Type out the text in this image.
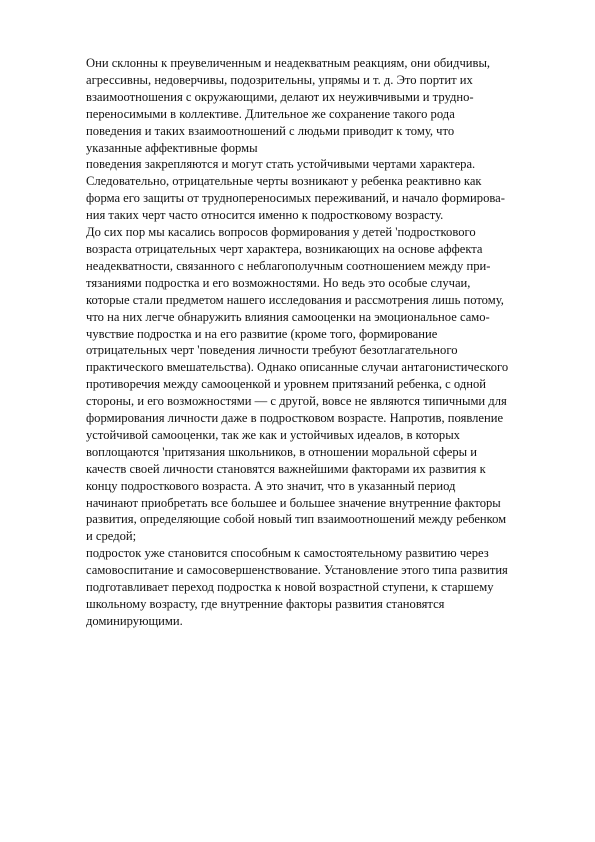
Они склонны к преувеличенным и неадекватным реакциям, они обидчивы,
агрессивны, недоверчивы, подозрительны, упрямы и т. д. Это портит их
взаимоотношения с окружающими, делают их неуживчивыми и трудно-
переносимыми в коллективе. Длительное же сохранение такого рода
поведения и таких взаимоотношений с людьми приводит к тому, что
указанные аффективные формы
поведения закрепляются и могут стать устойчивыми чертами характера.
Следовательно, отрицательные черты возникают у ребенка реактивно как
форма его защиты от трудноперeносимых переживаний, и начало формирова-
ния таких черт часто относится именно к подростковому возрасту.
До сих пор мы касались вопросов формирования у детей 'подросткового
возраста отрицательных черт характера, возникающих на основе аффекта
неадекватности, связанного с неблагополучным соотношением между при-
тязаниями подростка и его возможностями. Но ведь это особые случаи,
которые стали предметом нашего исследования и рассмотрения лишь потому,
что на них легче обнаружить влияния самооценки на эмоциональное само-
чувствие подростка и на его развитие (кроме того, формирование
отрицательных черт 'поведения личности требуют безотлагательного
практического вмешательства). Однако описанные случаи антагонистического
противоречия между самооценкой и уровнем притязаний ребенка, с одной
стороны, и его возможностями — с другой, вовсе не являются типичными для
формирования личности даже в подростковом возрасте. Напротив, появление
устойчивой самооценки, так же как и устойчивых идеалов, в которых
воплощаются 'притязания школьников, в отношении моральной сферы и
качеств своей личности становятся важнейшими факторами их развития к
концу подросткового возраста. А это значит, что в указанный период
начинают приобретать все большее и большее значение внутренние факторы
развития, определяющие собой новый тип взаимоотношений между ребенком
и средой;
подросток уже становится способным к самостоятельному развитию через
самовоспитание и самосовершенствование. Установление этого типа развития
подготавливает переход подростка к новой возрастной ступени, к старшему
школьному возрасту, где внутренние факторы развития становятся
доминирующими.
